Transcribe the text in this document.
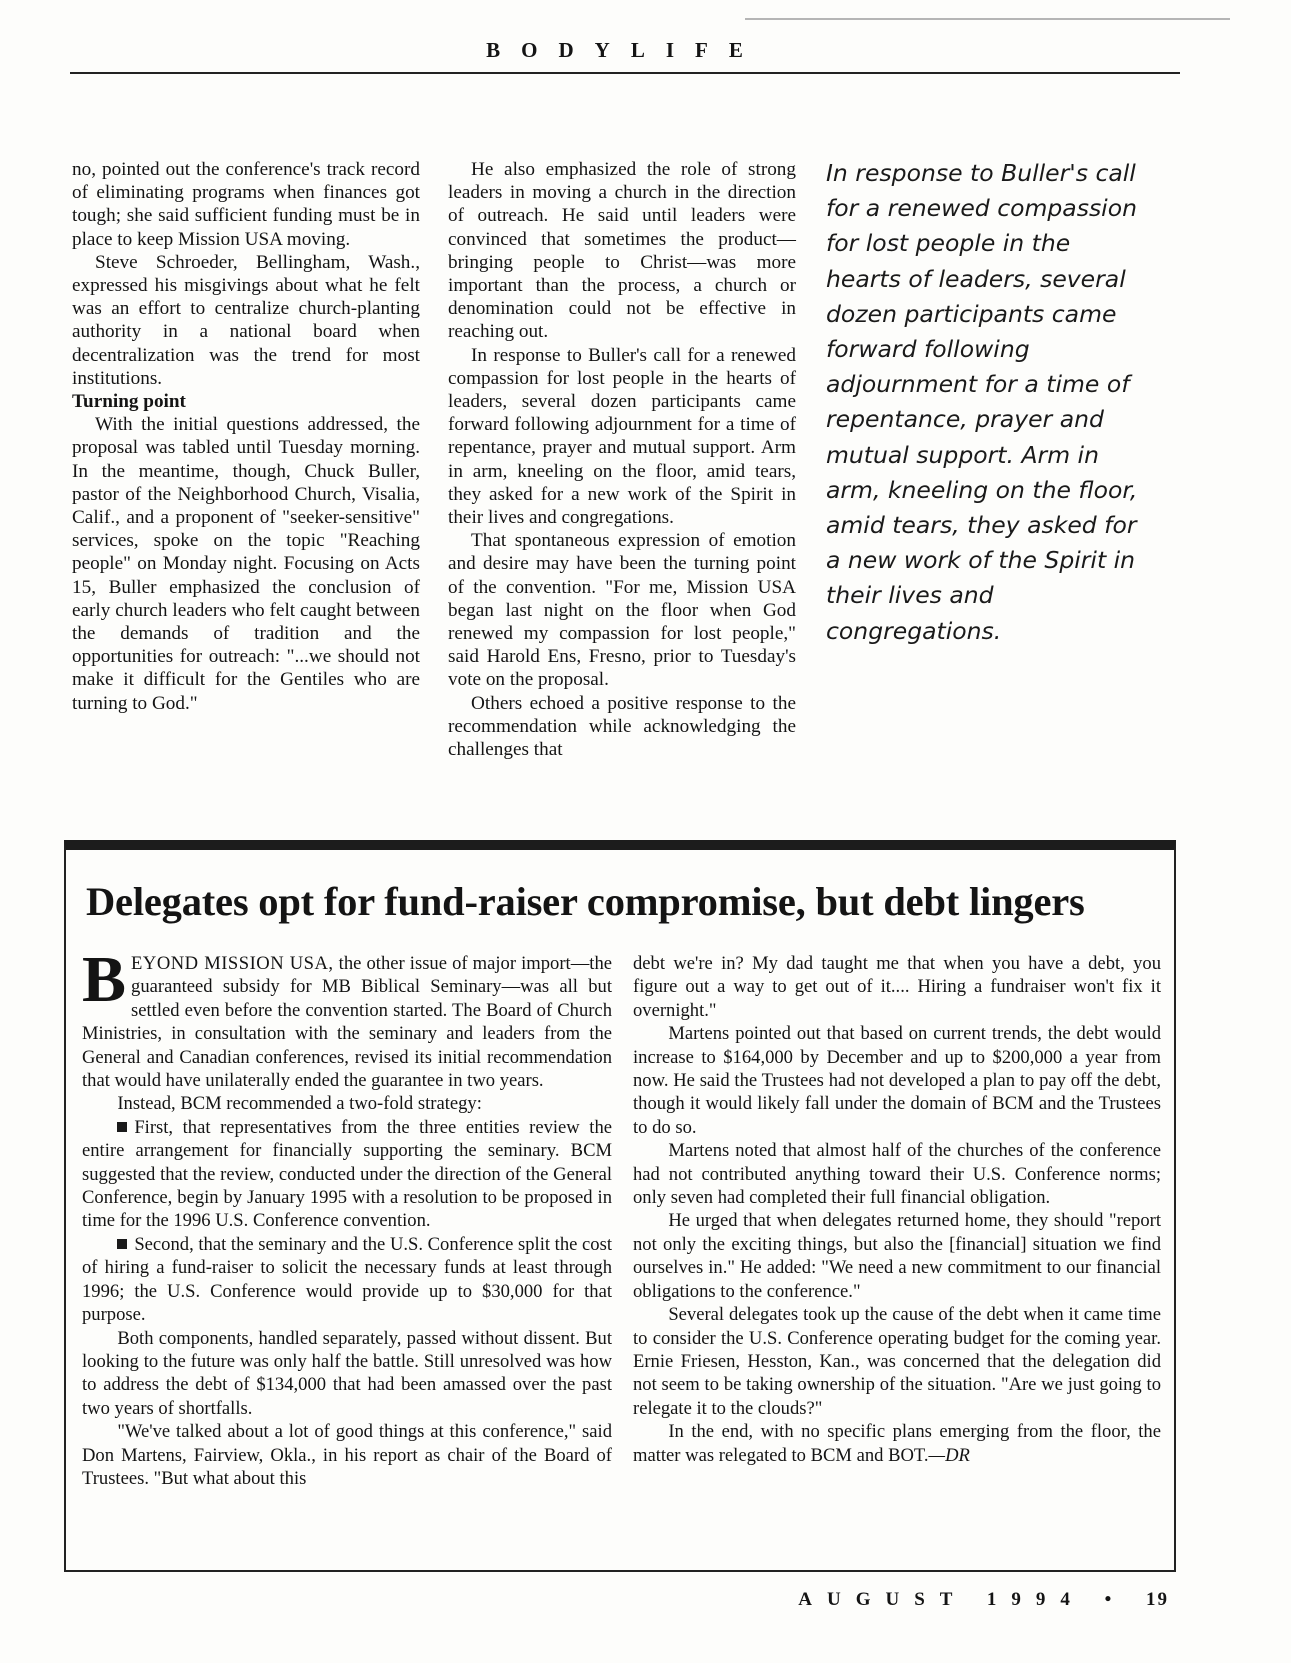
BODYLIFE

no, pointed out the conference's track record of eliminating programs when finances got tough; she said sufficient funding must be in place to keep Mission USA moving.

Steve Schroeder, Bellingham, Wash., expressed his misgivings about what he felt was an effort to centralize church-planting authority in a national board when decentralization was the trend for most institutions.

Turning point

With the initial questions addressed, the proposal was tabled until Tuesday morning. In the meantime, though, Chuck Buller, pastor of the Neighborhood Church, Visalia, Calif., and a proponent of "seeker-sensitive" services, spoke on the topic "Reaching people" on Monday night. Focusing on Acts 15, Buller emphasized the conclusion of early church leaders who felt caught between the demands of tradition and the opportunities for outreach: "...we should not make it difficult for the Gentiles who are turning to God."

He also emphasized the role of strong leaders in moving a church in the direction of outreach. He said until leaders were convinced that sometimes the product—bringing people to Christ—was more important than the process, a church or denomination could not be effective in reaching out.

In response to Buller's call for a renewed compassion for lost people in the hearts of leaders, several dozen participants came forward following adjournment for a time of repentance, prayer and mutual support. Arm in arm, kneeling on the floor, amid tears, they asked for a new work of the Spirit in their lives and congregations.

That spontaneous expression of emotion and desire may have been the turning point of the convention. "For me, Mission USA began last night on the floor when God renewed my compassion for lost people," said Harold Ens, Fresno, prior to Tuesday's vote on the proposal.

Others echoed a positive response to the recommendation while acknowledging the challenges that

In response to Buller's call for a renewed compassion for lost people in the hearts of leaders, several dozen participants came forward following adjournment for a time of repentance, prayer and mutual support. Arm in arm, kneeling on the floor, amid tears, they asked for a new work of the Spirit in their lives and congregations.
Delegates opt for fund-raiser compromise, but debt lingers

BEYOND MISSION USA, the other issue of major import—the guaranteed subsidy for MB Biblical Seminary—was all but settled even before the convention started. The Board of Church Ministries, in consultation with the seminary and leaders from the General and Canadian conferences, revised its initial recommendation that would have unilaterally ended the guarantee in two years.

Instead, BCM recommended a two-fold strategy:

First, that representatives from the three entities review the entire arrangement for financially supporting the seminary. BCM suggested that the review, conducted under the direction of the General Conference, begin by January 1995 with a resolution to be proposed in time for the 1996 U.S. Conference convention.

Second, that the seminary and the U.S. Conference split the cost of hiring a fund-raiser to solicit the necessary funds at least through 1996; the U.S. Conference would provide up to $30,000 for that purpose.

Both components, handled separately, passed without dissent. But looking to the future was only half the battle. Still unresolved was how to address the debt of $134,000 that had been amassed over the past two years of shortfalls.

"We've talked about a lot of good things at this conference," said Don Martens, Fairview, Okla., in his report as chair of the Board of Trustees. "But what about this

debt we're in? My dad taught me that when you have a debt, you figure out a way to get out of it.... Hiring a fundraiser won't fix it overnight."

Martens pointed out that based on current trends, the debt would increase to $164,000 by December and up to $200,000 a year from now. He said the Trustees had not developed a plan to pay off the debt, though it would likely fall under the domain of BCM and the Trustees to do so.

Martens noted that almost half of the churches of the conference had not contributed anything toward their U.S. Conference norms; only seven had completed their full financial obligation.

He urged that when delegates returned home, they should "report not only the exciting things, but also the [financial] situation we find ourselves in." He added: "We need a new commitment to our financial obligations to the conference."

Several delegates took up the cause of the debt when it came time to consider the U.S. Conference operating budget for the coming year. Ernie Friesen, Hesston, Kan., was concerned that the delegation did not seem to be taking ownership of the situation. "Are we just going to relegate it to the clouds?"

In the end, with no specific plans emerging from the floor, the matter was relegated to BCM and BOT.—DR

AUGUST 1994 • 19
